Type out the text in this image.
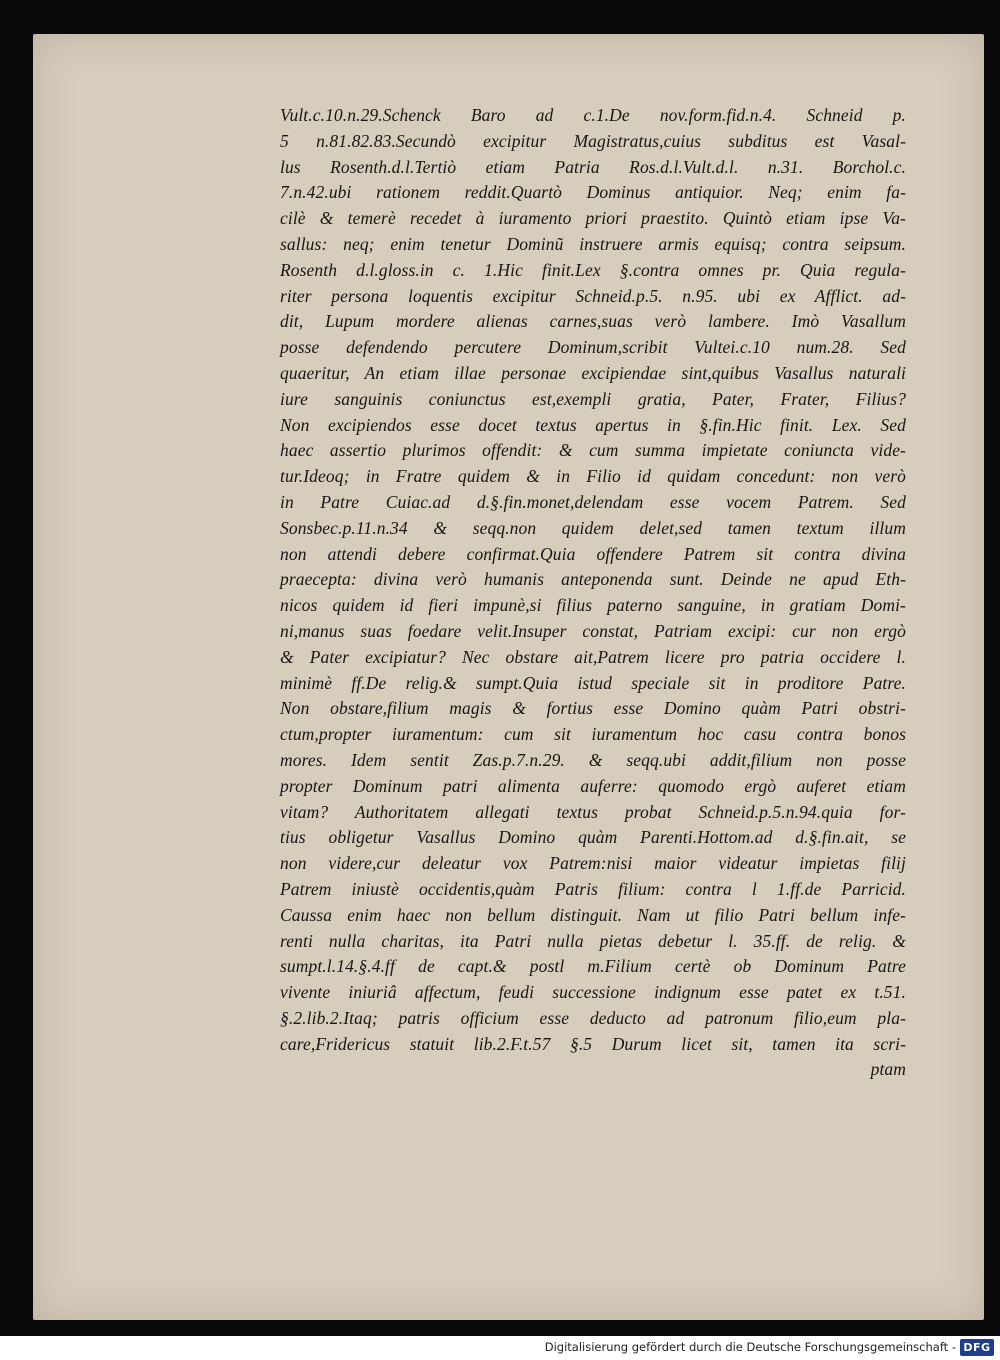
Vult.c.10.n.29.Schenck Baro ad c.1.De nov.form.fid.n.4. Schneid p.
5 n.81.82.83.Secundò excipitur Magistratus,cuius subditus est Vasal-
lus Rosenth.d.l.Tertiò etiam Patria Ros.d.l.Vult.d.l. n.31. Borchol.c.
7.n.42.ubi rationem reddit.Quartò Dominus antiquior. Neq; enim fa-
cilè & temerè recedet à iuramento priori praestito. Quintò etiam ipse Va-
sallus: neq; enim tenetur Dominũ instruere armis equisq; contra seipsum.
Rosenth d.l.gloss.in c. 1.Hic finit.Lex §.contra omnes pr. Quia regula-
riter persona loquentis excipitur Schneid.p.5. n.95. ubi ex Afflict. ad-
dit, Lupum mordere alienas carnes,suas verò lambere. Imò Vasallum
posse defendendo percutere Dominum,scribit Vultei.c.10 num.28. Sed
quaeritur, An etiam illae personae excipiendae sint,quibus Vasallus naturali
iure sanguinis coniunctus est,exempli gratia, Pater, Frater, Filius?
Non excipiendos esse docet textus apertus in §.fin.Hic finit. Lex. Sed
haec assertio plurimos offendit: & cum summa impietate coniuncta vide-
tur.Ideoq; in Fratre quidem & in Filio id quidam concedunt: non verò
in Patre Cuiac.ad d.§.fin.monet,delendam esse vocem Patrem. Sed
Sonsbec.p.11.n.34 & seqq.non quidem delet,sed tamen textum illum
non attendi debere confirmat.Quia offendere Patrem sit contra divina
praecepta: divina verò humanis anteponenda sunt. Deinde ne apud Eth-
nicos quidem id fieri impunè,si filius paterno sanguine, in gratiam Domi-
ni,manus suas foedare velit.Insuper constat, Patriam excipi: cur non ergò
& Pater excipiatur? Nec obstare ait,Patrem licere pro patria occidere l.
minimè ff.De relig.& sumpt.Quia istud speciale sit in proditore Patre.
Non obstare,filium magis & fortius esse Domino quàm Patri obstri-
ctum,propter iuramentum: cum sit iuramentum hoc casu contra bonos
mores. Idem sentit Zas.p.7.n.29. & seqq.ubi addit,filium non posse
propter Dominum patri alimenta auferre: quomodo ergò auferet etiam
vitam? Authoritatem allegati textus probat Schneid.p.5.n.94.quia for-
tius obligetur Vasallus Domino quàm Parenti.Hottom.ad d.§.fin.ait, se
non videre,cur deleatur vox Patrem:nisi maior videatur impietas filij
Patrem iniustè occidentis,quàm Patris filium: contra l 1.ff.de Parricid.
Caussa enim haec non bellum distinguit. Nam ut filio Patri bellum infe-
renti nulla charitas, ita Patri nulla pietas debetur l. 35.ff. de relig. &
sumpt.l.14.§.4.ff de capt.& postl m.Filium certè ob Dominum Patre
vivente iniuriâ affectum, feudi successione indignum esse patet ex t.51.
§.2.lib.2.Itaq; patris officium esse deducto ad patronum filio,eum pla-
care,Fridericus statuit lib.2.F.t.57 §.5 Durum licet sit, tamen ita scri-
ptam
Digitalisierung gefördert durch die Deutsche Forschungsgemeinschaft - DFG
